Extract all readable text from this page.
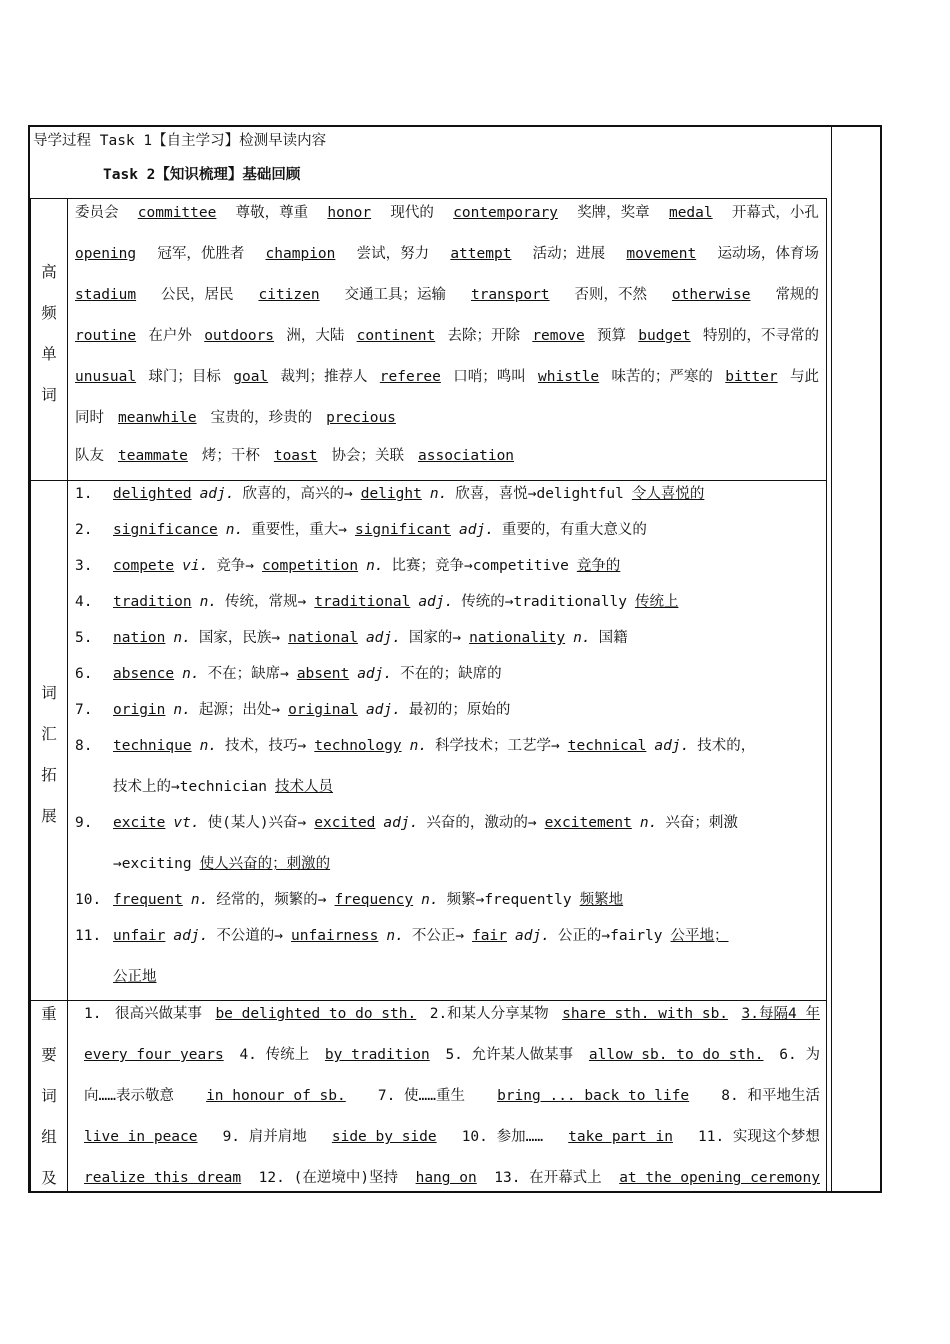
导学过程 Task 1【自主学习】检测早读内容
Task 2【知识梳理】基础回顾
高
频
单
词
词
汇
拓
展
重
要
词
组
及
委员会 committee 尊敬，尊重 honor 现代的 contemporary 奖牌，奖章 medal 开幕式，小孔
opening 冠军，优胜者 champion 尝试，努力 attempt 活动；进展 movement 运动场，体育场
stadium 公民，居民 citizen 交通工具；运输 transport 否则，不然 otherwise 常规的
routine 在户外 outdoors 洲，大陆 continent 去除；开除 remove 预算 budget 特别的，不寻常的
unusual 球门；目标 goal 裁判；推荐人 referee 口哨；鸣叫 whistle 味苦的；严寒的 bitter 与此
同时 meanwhile 宝贵的，珍贵的 precious
队友 teammate 烤；干杯 toast 协会；关联 association
1. delighted adj. 欣喜的，高兴的→ delight n. 欣喜，喜悦→delightful 令人喜悦的
2. significance n. 重要性，重大→ significant adj. 重要的，有重大意义的
3. compete vi. 竞争→ competition n. 比赛；竞争→competitive 竞争的
4. tradition n. 传统，常规→ traditional adj. 传统的→traditionally 传统上
5. nation n. 国家，民族→ national adj. 国家的→ nationality n. 国籍
6. absence n. 不在；缺席→ absent adj. 不在的；缺席的
7. origin n. 起源；出处→ original adj. 最初的；原始的
8. technique n. 技术，技巧→ technology n. 科学技术；工艺学→ technical adj. 技术的，
技术上的→technician 技术人员
9. excite vt. 使(某人)兴奋→ excited adj. 兴奋的，激动的→ excitement n. 兴奋；刺激
→exciting 使人兴奋的；刺激的
10. frequent n. 经常的，频繁的→ frequency n. 频繁→frequently 频繁地
11. unfair adj. 不公道的→ unfairness n. 不公正→ fair adj. 公正的→fairly 公平地；
公正地
1. 很高兴做某事 be delighted to do sth. 2.和某人分享某物 share sth. with sb. 3.每隔4 年
every four years 4. 传统上 by tradition 5. 允许某人做某事 allow sb. to do sth. 6. 为
向……表示敬意 in honour of sb. 7. 使……重生 bring ... back to life 8. 和平地生活
live in peace 9. 肩并肩地 side by side 10. 参加…… take part in 11. 实现这个梦想
realize this dream 12. (在逆境中)坚持 hang on 13. 在开幕式上 at the opening ceremony
